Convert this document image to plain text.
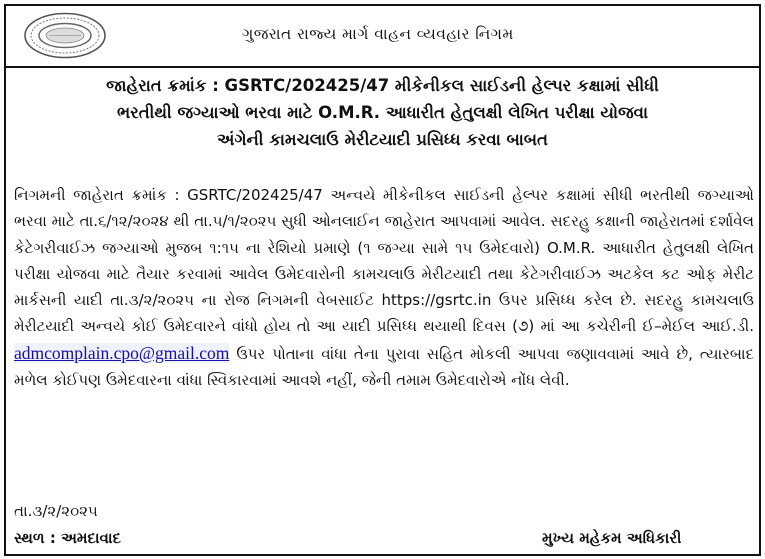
ગુજરાત રાજ્ય માર્ગ વાહન વ્યવહાર નિગમ
જાહેરાત ક્રમાંક : GSRTC/202425/47 મીકેનીકલ સાઈડની હેલ્પર કક્ષામાં સીધી
ભરતીથી જગ્યાઓ ભરવા માટે O.M.R. આધારીત હેતુલક્ષી લેખિત પરીક્ષા યોજવા
અંગેની કામચલાઉ મેરીટયાદી પ્રસિધ્ધ કરવા બાબત
નિગમની જાહેરાત ક્રમાંક : GSRTC/202425/47 અન્વયે મીકેનીકલ સાઈડની હેલ્પર કક્ષામાં સીધી ભરતીથી જગ્યાઓ ભરવા માટે તા.૬/૧૨/૨૦૨૪ થી તા.૫/૧/૨૦૨૫ સુધી ઓનલાઈન જાહેરાત આપવામાં આવેલ. સદરહુ કક્ષાની જાહેરાતમાં દર્શાવેલ કેટેગરીવાઈઝ જગ્યાઓ મુજબ ૧:૧૫ ના રેશિયો પ્રમાણે (૧ જગ્યા સામે ૧૫ ઉમેદવારો) O.M.R. આધારીત હેતુલક્ષી લેખિત પરીક્ષા યોજવા માટે તૈયાર કરવામાં આવેલ ઉમેદવારોની કામચલાઉ મેરીટયાદી તથા કેટેગરીવાઈઝ અટકેલ કટ ઓફ મેરીટ માર્કસની યાદી તા.૩/૨/૨૦૨૫ ના રોજ નિગમની વેબસાઈટ https://gsrtc.in ઉપર પ્રસિધ્ધ કરેલ છે. સદરહુ કામચલાઉ મેરીટયાદી અન્વયે કોઈ ઉમેદવારને વાંધો હોય તો આ યાદી પ્રસિધ્ધ થયાથી દિવસ (૭) માં આ કચેરીની ઈ–મેઈલ આઈ.ડી. admcomplain.cpo@gmail.com ઉપર પોતાના વાંધા તેના પુરાવા સહિત મોકલી આપવા જણાવવામાં આવે છે, ત્યારબાદ મળેલ કોઈપણ ઉમેદવારના વાંધા સ્વિકારવામાં આવશે નહીં, જેની તમામ ઉમેદવારોએ નોંધ લેવી.
તા.૩/૨/૨૦૨૫
સ્થળ : અમદાવાદ	મુખ્ય મહેકમ અધિકારી
